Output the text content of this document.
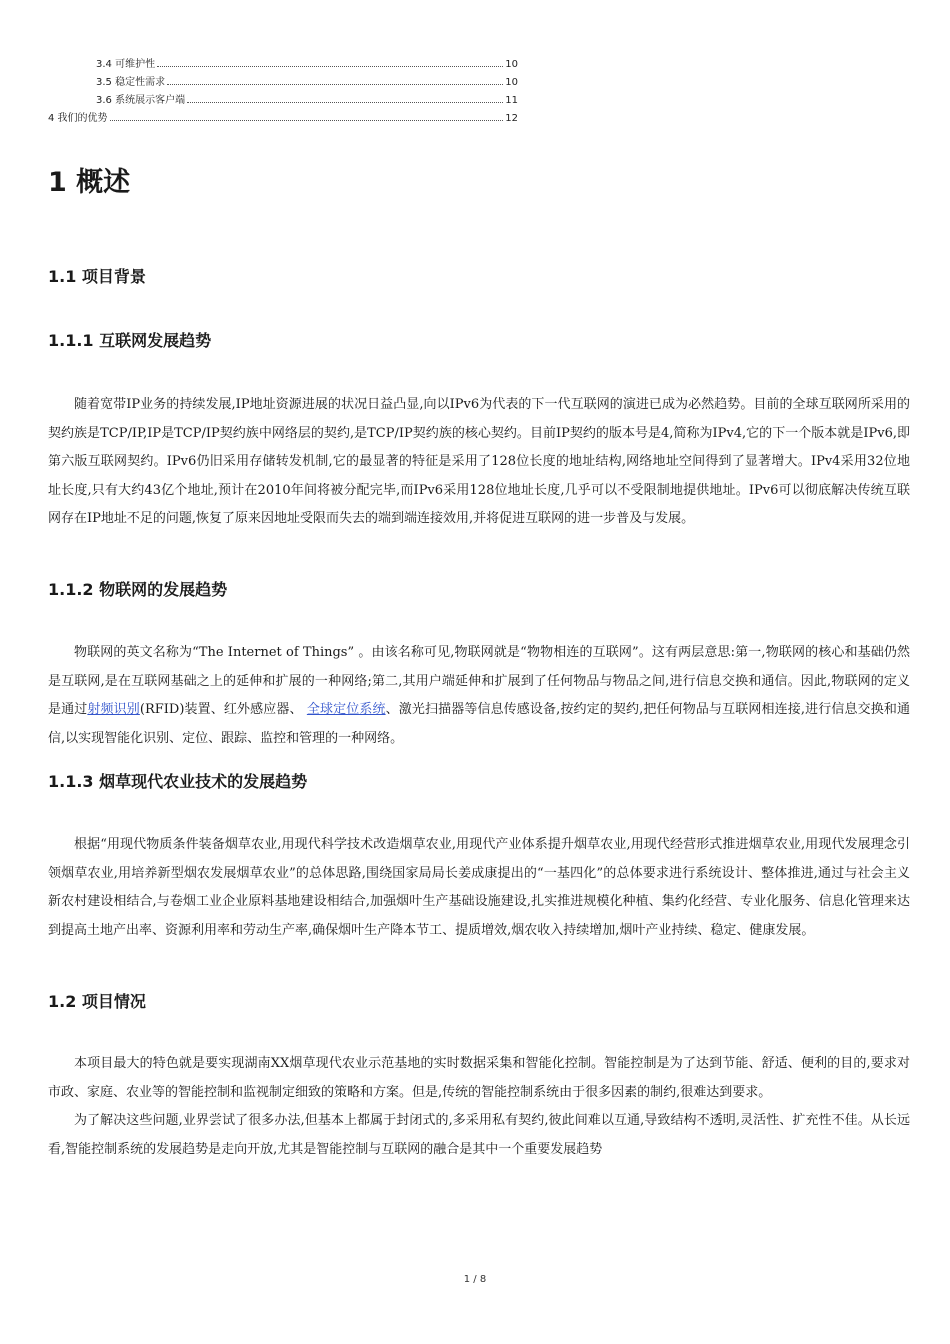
3.4 可维护性	10
3.5 稳定性需求	10
3.6 系统展示客户端	11
4 我们的优势	12
1 概述
1.1 项目背景
1.1.1 互联网发展趋势

随着宽带IP业务的持续发展,IP地址资源进展的状况日益凸显,向以IPv6为代表的下一代互联网的演进已成为必然趋势。目前的全球互联网所采用的契约族是TCP/IP,IP是TCP/IP契约族中网络层的契约,是TCP/IP契约族的核心契约。目前IP契约的版本号是4,简称为IPv4,它的下一个版本就是IPv6,即第六版互联网契约。IPv6仍旧采用存储转发机制,它的最显著的特征是采用了128位长度的地址结构,网络地址空间得到了显著增大。IPv4采用32位地址长度,只有大约43亿个地址,预计在2010年间将被分配完毕,而IPv6采用128位地址长度,几乎可以不受限制地提供地址。IPv6可以彻底解决传统互联网存在IP地址不足的问题,恢复了原来因地址受限而失去的端到端连接效用,并将促进互联网的进一步普及与发展。

1.1.2 物联网的发展趋势

物联网的英文名称为“The Internet of Things” 。由该名称可见,物联网就是“物物相连的互联网”。这有两层意思:第一,物联网的核心和基础仍然是互联网,是在互联网基础之上的延伸和扩展的一种网络;第二,其用户端延伸和扩展到了任何物品与物品之间,进行信息交换和通信。因此,物联网的定义是通过射频识别(RFID)装置、红外感应器、 全球定位系统、激光扫描器等信息传感设备,按约定的契约,把任何物品与互联网相连接,进行信息交换和通信,以实现智能化识别、定位、跟踪、监控和管理的一种网络。

1.1.3 烟草现代农业技术的发展趋势

根据“用现代物质条件装备烟草农业,用现代科学技术改造烟草农业,用现代产业体系提升烟草农业,用现代经营形式推进烟草农业,用现代发展理念引领烟草农业,用培养新型烟农发展烟草农业”的总体思路,围绕国家局局长姜成康提出的“一基四化”的总体要求进行系统设计、整体推进,通过与社会主义新农村建设相结合,与卷烟工业企业原料基地建设相结合,加强烟叶生产基础设施建设,扎实推进规模化种植、集约化经营、专业化服务、信息化管理来达到提高土地产出率、资源利用率和劳动生产率,确保烟叶生产降本节工、提质增效,烟农收入持续增加,烟叶产业持续、稳定、健康发展。

1.2 项目情况

本项目最大的特色就是要实现湖南XX烟草现代农业示范基地的实时数据采集和智能化控制。智能控制是为了达到节能、舒适、便利的目的,要求对市政、家庭、农业等的智能控制和监视制定细致的策略和方案。但是,传统的智能控制系统由于很多因素的制约,很难达到要求。

为了解决这些问题,业界尝试了很多办法,但基本上都属于封闭式的,多采用私有契约,彼此间难以互通,导致结构不透明,灵活性、扩充性不佳。从长远看,智能控制系统的发展趋势是走向开放,尤其是智能控制与互联网的融合是其中一个重要发展趋势

1 / 8
